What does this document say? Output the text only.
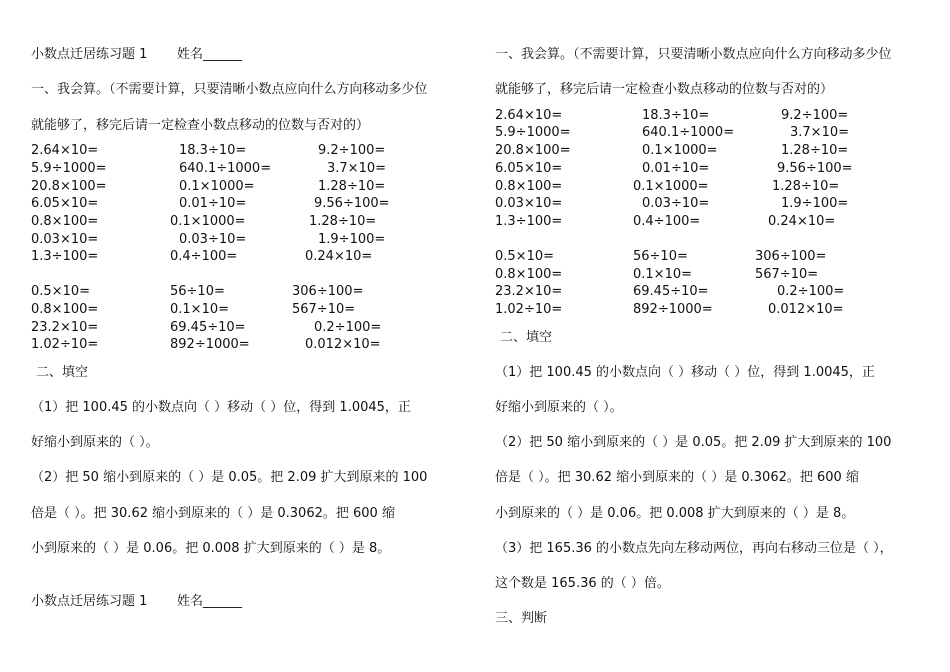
小数点迁居练习题 1 姓名______
一、我会算。（不需要计算，只要清晰小数点应向什么方向移动多少位
就能够了，移完后请一定检查小数点移动的位数与否对的）
2.64×10=	18.3÷10=	9.2÷100=
5.9÷1000=	640.1÷1000=	3.7×10=
20.8×100=	0.1×1000=	1.28÷10=
6.05×10=	0.01÷10=	9.56÷100=
0.8×100=	0.1×1000=	1.28÷10=
0.03×10=	0.03÷10=	1.9÷100=
1.3÷100=	0.4÷100=	0.24×10=
0.5×10=	56÷10=	306÷100=
0.8×100=	0.1×10=	567÷10=
23.2×10=	69.45÷10=	0.2÷100=
1.02÷10=	892÷1000=	0.012×10=
二、填空
（1）把 100.45 的小数点向（ ）移动（ ）位，得到 1.0045，正
好缩小到原来的（ ）。
（2）把 50 缩小到原来的（ ）是 0.05。把 2.09 扩大到原来的 100
倍是（ ）。把 30.62 缩小到原来的（ ）是 0.3062。把 600 缩
小到原来的（ ）是 0.06。把 0.008 扩大到原来的（ ）是 8。
小数点迁居练习题 1 姓名______
一、我会算。（不需要计算，只要清晰小数点应向什么方向移动多少位
就能够了，移完后请一定检查小数点移动的位数与否对的）
2.64×10=	18.3÷10=	9.2÷100=
5.9÷1000=	640.1÷1000=	3.7×10=
20.8×100=	0.1×1000=	1.28÷10=
6.05×10=	0.01÷10=	9.56÷100=
0.8×100=	0.1×1000=	1.28÷10=
0.03×10=	0.03÷10=	1.9÷100=
1.3÷100=	0.4÷100=	0.24×10=
0.5×10=	56÷10=	306÷100=
0.8×100=	0.1×10=	567÷10=
23.2×10=	69.45÷10=	0.2÷100=
1.02÷10=	892÷1000=	0.012×10=
二、填空
（1）把 100.45 的小数点向（ ）移动（ ）位，得到 1.0045，正
好缩小到原来的（ ）。
（2）把 50 缩小到原来的（ ）是 0.05。把 2.09 扩大到原来的 100
倍是（ ）。把 30.62 缩小到原来的（ ）是 0.3062。把 600 缩
小到原来的（ ）是 0.06。把 0.008 扩大到原来的（ ）是 8。
（3）把 165.36 的小数点先向左移动两位，再向右移动三位是（ ），
这个数是 165.36 的（ ）倍。
三、判断
